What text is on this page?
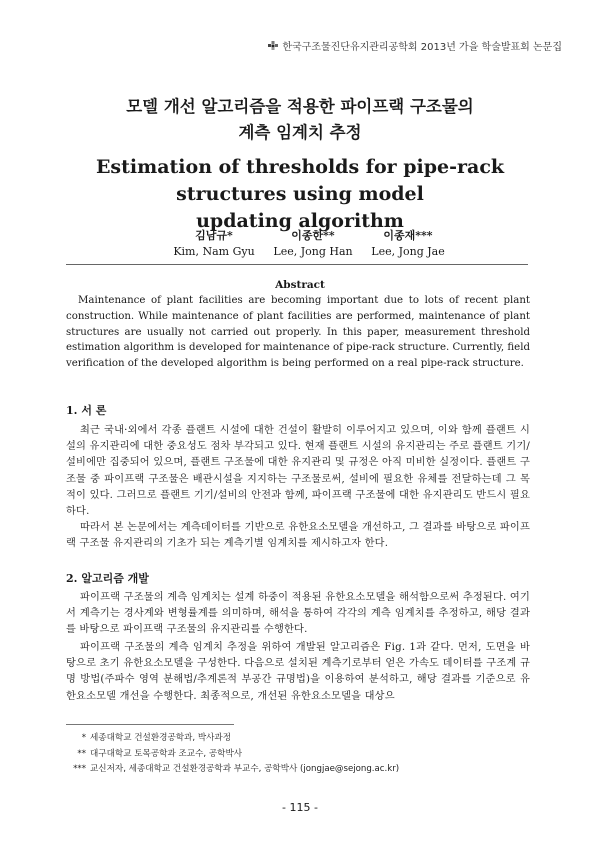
한국구조물진단유지관리공학회 2013년 가을 학술발표회 논문집
모델 개선 알고리즘을 적용한 파이프랙 구조물의
계측 임계치 추정
Estimation of thresholds for pipe-rack structures using model
updating algorithm
김남규*
Kim, Nam Gyu
이종한**
Lee, Jong Han
이종재***
Lee, Jong Jae
Abstract
Maintenance of plant facilities are becoming important due to lots of recent plant construction. While maintenance of plant facilities are performed, maintenance of plant structures are usually not carried out properly. In this paper, measurement threshold estimation algorithm is developed for maintenance of pipe-rack structure. Currently, field verification of the developed algorithm is being performed on a real pipe-rack structure.
1. 서 론
최근 국내·외에서 각종 플랜트 시설에 대한 건설이 활발히 이루어지고 있으며, 이와 함께 플랜트 시설의 유지관리에 대한 중요성도 점차 부각되고 있다. 현재 플랜트 시설의 유지관리는 주로 플랜트 기기/설비에만 집중되어 있으며, 플랜트 구조물에 대한 유지관리 및 규정은 아직 미비한 실정이다. 플랜트 구조물 중 파이프랙 구조물은 배관시설을 지지하는 구조물로써, 설비에 필요한 유체를 전달하는데 그 목적이 있다. 그러므로 플랜트 기기/설비의 안전과 함께, 파이프랙 구조물에 대한 유지관리도 반드시 필요하다.
따라서 본 논문에서는 계측데이터를 기반으로 유한요소모델을 개선하고, 그 결과를 바탕으로 파이프랙 구조물 유지관리의 기초가 되는 계측기별 임계치를 제시하고자 한다.
2. 알고리즘 개발
파이프랙 구조물의 계측 임계치는 설계 하중이 적용된 유한요소모델을 해석함으로써 추정된다. 여기서 계측기는 경사계와 변형률계를 의미하며, 해석을 통하여 각각의 계측 임계치를 추정하고, 해당 결과를 바탕으로 파이프랙 구조물의 유지관리를 수행한다.
파이프랙 구조물의 계측 임계치 추정을 위하여 개발된 알고리즘은 Fig. 1과 같다. 먼저, 도면을 바탕으로 초기 유한요소모델을 구성한다. 다음으로 설치된 계측기로부터 얻은 가속도 데이터를 구조계 규명 방법(주파수 영역 분해법/추계론적 부공간 규명법)을 이용하여 분석하고, 해당 결과를 기준으로 유한요소모델 개선을 수행한다. 최종적으로, 개선된 유한요소모델을 대상으
* 세종대학교 건설환경공학과, 박사과정
** 대구대학교 토목공학과 조교수, 공학박사
*** 교신저자, 세종대학교 건설환경공학과 부교수, 공학박사 (jongjae@sejong.ac.kr)
- 115 -
